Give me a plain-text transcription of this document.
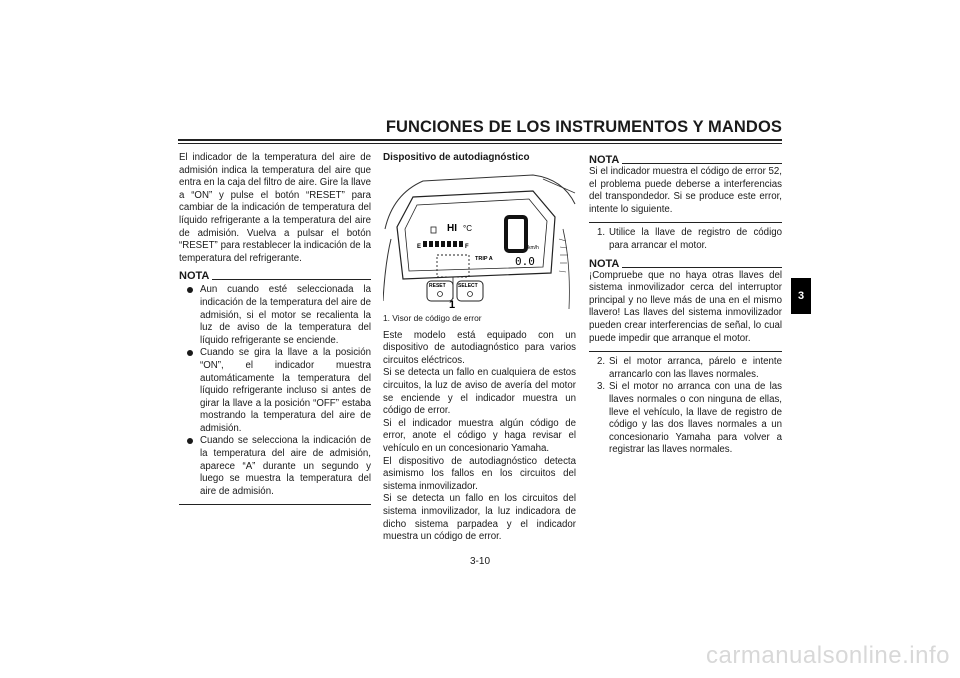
FUNCIONES DE LOS INSTRUMENTOS Y MANDOS
3

El indicador de la temperatura del aire de admisión indica la temperatura del aire que entra en la caja del filtro de aire. Gire la llave a “ON” y pulse el botón “RESET” para cambiar de la indicación de temperatura del líquido refrigerante a la temperatura del aire de admisión. Vuelva a pulsar el botón “RESET” para restablecer la indicación de la temperatura del refrigerante.

NOTA
Aun cuando esté seleccionada la indicación de la temperatura del aire de admisión, si el motor se recalienta la luz de aviso de la temperatura del líquido refrigerante se enciende.
Cuando se gira la llave a la posición “ON”, el indicador muestra automáticamente la temperatura del líquido refrigerante incluso si antes de girar la llave a la posición “OFF” estaba mostrando la temperatura del aire de admisión.
Cuando se selecciona la indicación de la temperatura del aire de admisión, aparece “A” durante un segundo y luego se muestra la temperatura del aire de admisión.
Dispositivo de autodiagnóstico
HI °C
E	F
TRIP A
km/h
0.0
RESET SELECT
1
1. Visor de código de error

Este modelo está equipado con un dispositivo de autodiagnóstico para varios circuitos eléctricos.

Si se detecta un fallo en cualquiera de estos circuitos, la luz de aviso de avería del motor se enciende y el indicador muestra un código de error.

Si el indicador muestra algún código de error, anote el código y haga revisar el vehículo en un concesionario Yamaha.

El dispositivo de autodiagnóstico detecta asimismo los fallos en los circuitos del sistema inmovilizador.

Si se detecta un fallo en los circuitos del sistema inmovilizador, la luz indicadora de dicho sistema parpadea y el indicador muestra un código de error.

NOTA

Si el indicador muestra el código de error 52, el problema puede deberse a interferencias del transpondedor. Si se produce este error, intente lo siguiente.

1. Utilice la llave de registro de código para arrancar el motor.
NOTA

¡Compruebe que no haya otras llaves del sistema inmovilizador cerca del interruptor principal y no lleve más de una en el mismo llavero! Las llaves del sistema inmovilizador pueden crear interferencias de señal, lo cual puede impedir que arranque el motor.

2. Si el motor arranca, párelo e intente arrancarlo con las llaves normales.
3. Si el motor no arranca con una de las llaves normales o con ninguna de ellas, lleve el vehículo, la llave de registro de código y las dos llaves normales a un concesionario Yamaha para volver a registrar las llaves normales.
3-10
carmanualsonline.info
